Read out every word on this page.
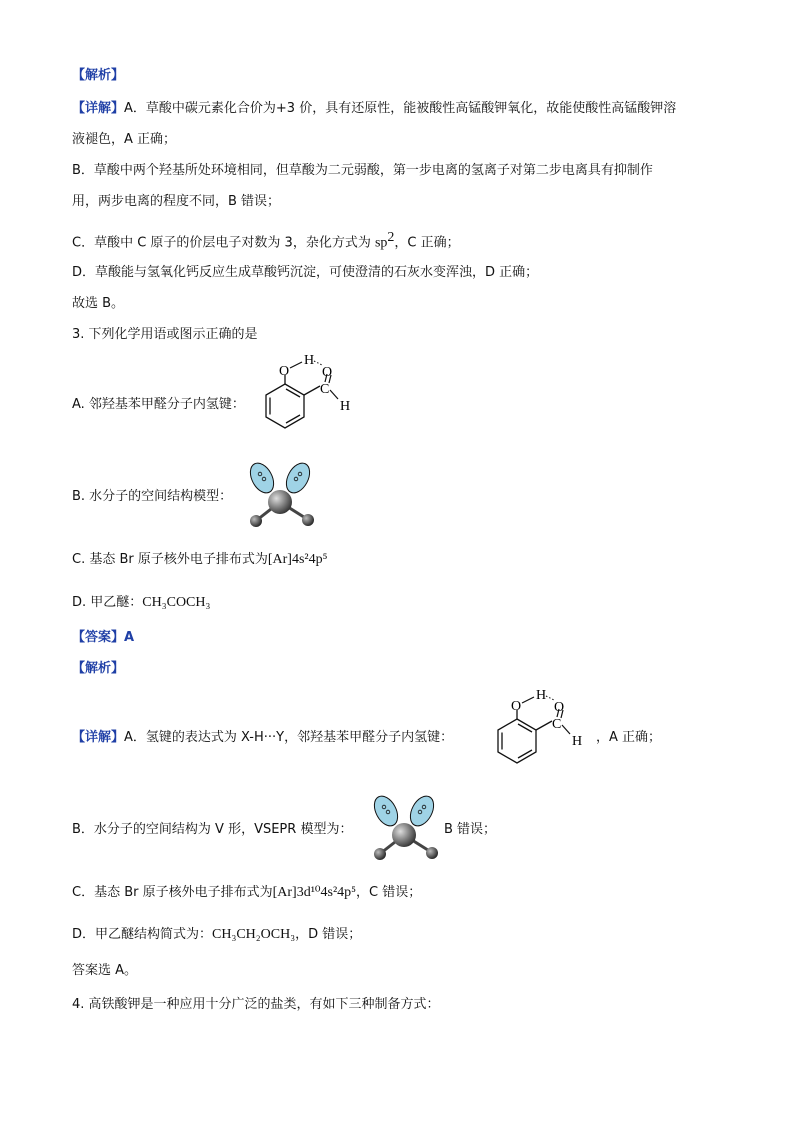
【解析】
【详解】A．草酸中碳元素化合价为+3 价，具有还原性，能被酸性高锰酸钾氧化，故能使酸性高锰酸钾溶
液褪色，A 正确；
B．草酸中两个羟基所处环境相同，但草酸为二元弱酸，第一步电离的氢离子对第二步电离具有抑制作
用，两步电离的程度不同，B 错误；
C．草酸中 C 原子的价层电子对数为 3，杂化方式为 $sp^2$，C 正确；
D．草酸能与氢氧化钙反应生成草酸钙沉淀，可使澄清的石灰水变浑浊，D 正确；
故选 B。
3. 下列化学用语或图示正确的是
A. 邻羟基苯甲醛分子内氢键：
O
H
O
C
H
B. 水分子的空间结构模型：
C. 基态 Br 原子核外电子排布式为[Ar]4s²4p⁵
D. 甲乙醚：CH₃COCH₃
【答案】A
【解析】
【详解】A．氢键的表达式为 X-H···Y，邻羟基苯甲醛分子内氢键：
O
H
O
C
H ，A 正确；
B．水分子的空间结构为 V 形，VSEPR 模型为：	B 错误；
C．基态 Br 原子核外电子排布式为[Ar]3d¹⁰4s²4p⁵，C 错误；
D．甲乙醚结构简式为：CH₃CH₂OCH₃，D 错误；
答案选 A。
4. 高铁酸钾是一种应用十分广泛的盐类，有如下三种制备方式：
